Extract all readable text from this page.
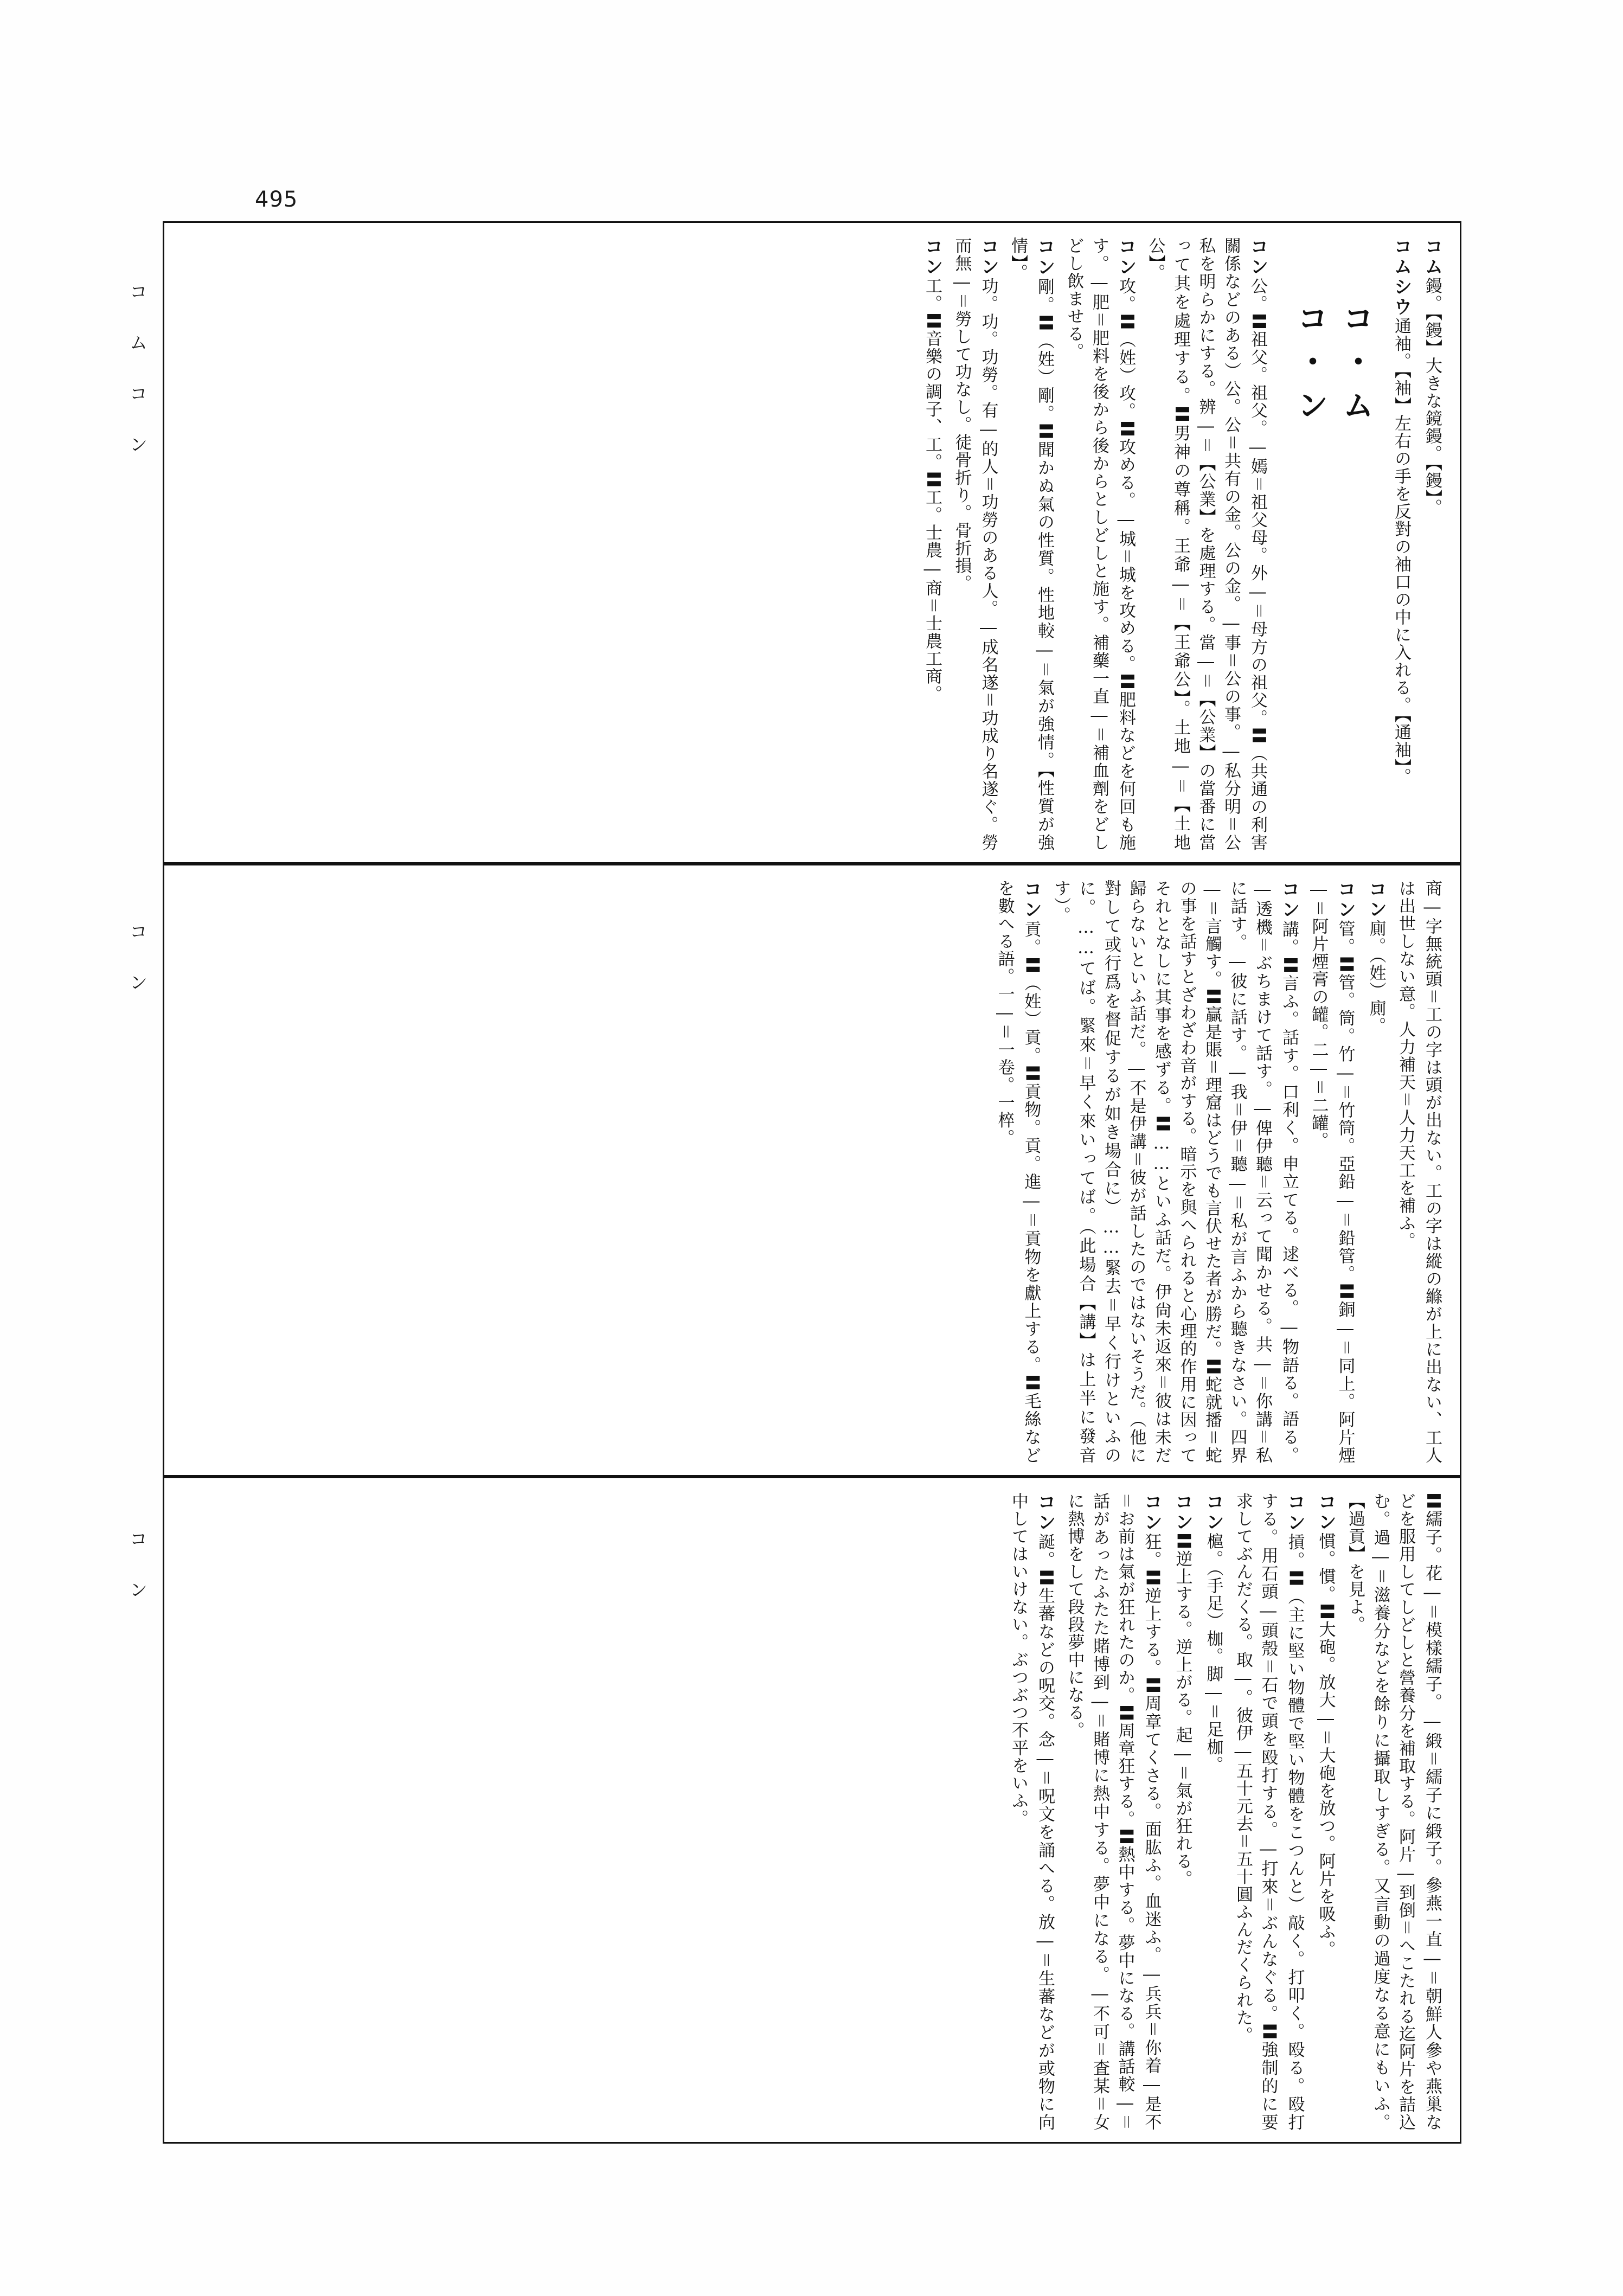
495
コ ム コ ン
コ ン
コ ン
コム鏝。【鏝】大きな鏡鏝。【鏝】。
コムシウ通袖。【袖】左右の手を反對の袖口の中に入れる。【通袖】。
コ・ム
コ・ン
コン公。〓祖父。祖父。―嫣＝祖父母。外―＝母方の祖父。〓（共通の利害關係などのある）公。公＝共有の金。公の金。―事＝公の事。―私分明＝公私を明らかにする。辨―＝【公業】を處理する。當―＝【公業】の當番に當って其を處理する。〓男神の尊稱。王爺―＝【王爺公】。土地―＝【土地公】。
コン攻。〓（姓）攻。〓攻める。―城＝城を攻める。〓肥料などを何回も施す。―肥＝肥料を後から後からとしどしと施す。補藥一直―＝補血劑をどしどし飲ませる。
コン剛。〓（姓）剛。〓聞かぬ氣の性質。性地較―＝氣が強情。【性質が強情】。
コン功。功。功勞。有―的人＝功勞のある人。―成名遂＝功成り名遂ぐ。勞而無―＝勞して功なし。徒骨折り。骨折損。
コン工。〓音樂の調子、工。〓工。士農―商＝士農工商。
商―字無統頭＝工の字は頭が出ない。工の字は縱の縧が上に出ない、工人は出世しない意。人力補天＝人力天工を補ふ。
コン廁。（姓）廁。
コン管。〓管。筒。竹―＝竹筒。亞鉛―＝鉛管。〓銅―＝同上。阿片煙―＝阿片煙膏の罐。二―＝二罐。
コン講。〓言ふ。話す。口利く。申立てる。逑べる。―物語る。語る。―透機＝ぶちまけて話す。―俾伊聽＝云って聞かせる。共―＝你講＝私に話す。―彼に話す。―我＝伊＝聽―＝私が言ふから聽きなさい。四界―＝言觸す。〓贏是賬＝理窟はどうでも言伏せた者が勝だ。〓蛇就播＝蛇の事を話すとざわざわ音がする。暗示を與へられると心理的作用に因ってそれとなしに其事を感ずる。〓……といふ話だ。伊尙未返來＝彼は未だ歸らないといふ話だ。―不是伊講＝彼が話したのではないそうだ。（他に對して或行爲を督促するが如き場合に）……緊去＝早く行けといふのに。……てば。緊來＝早く來いってば。（此場合【講】は上半に發音す）。
コン貢。〓（姓）貢。〓貢物。貢。進―＝貢物を獻上する。〓毛絲などを數へる語。一―＝一卷。一椊。
〓繻子。花―＝模樣繻子。―緞＝繻子に緞子。參燕一直―＝朝鮮人參や燕巢などを服用してしどしと營養分を補取する。阿片―到倒＝へこたれる迄阿片を詰込む。過―＝滋養分などを餘りに攝取しすぎる。又言動の過度なる意にもいふ。【過貢】を見よ。
コン慣。慣。〓大砲。放大―＝大砲を放つ。阿片を吸ふ。
コン摃。〓（主に堅い物體で堅い物體をこつんと）敲く。打叩く。殴る。殴打する。用石頭―頭殼＝石で頭を殴打する。―打來＝ぶんなぐる。〓強制的に要求してぶんだくる。取―。彼伊―五十元去＝五十圓ふんだくられた。
コン槴。（手足）枷。脚―＝足枷。
コン〓逆上する。逆上がる。起―＝氣が狂れる。
コン狂。〓逆上する。〓周章てくさる。面肱ふ。血迷ふ。―兵兵＝你着―是不＝お前は氣が狂れたのか。〓周章狂する。〓熱中する。夢中になる。講話較―＝話があったふたた賭博到―＝賭博に熱中する。夢中になる。―不可＝査某＝女に熱博をして段段夢中になる。
コン誕。〓生蕃などの呪交。念―＝呪文を誦へる。放―＝生蕃などが或物に向中してはいけない。ぶつぶつ不平をいふ。
